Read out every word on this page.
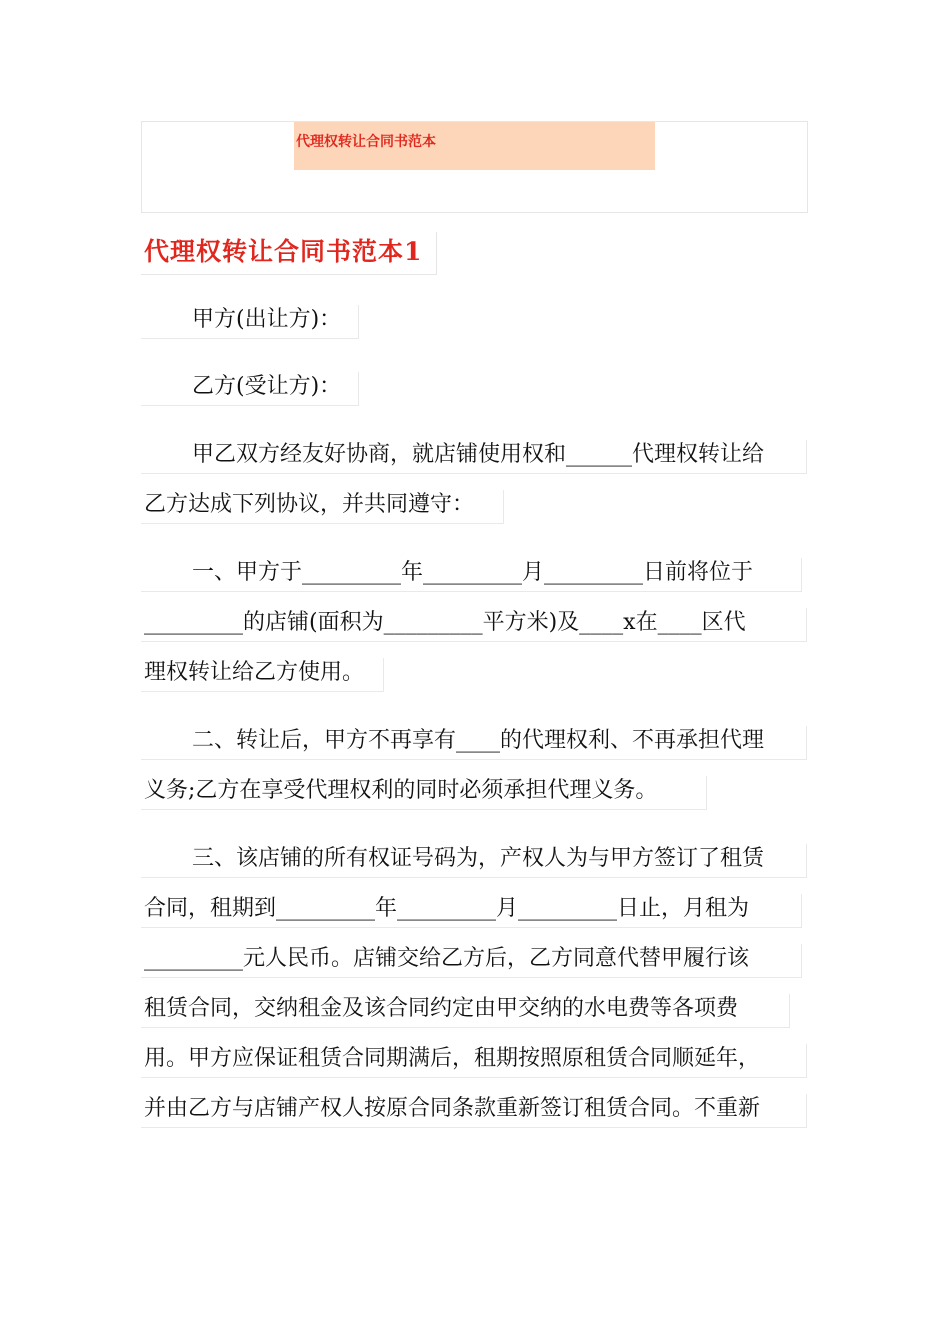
代理权转让合同书范本
代理权转让合同书范本1
甲方(出让方)：
乙方(受让方)：
甲乙双方经友好协商，就店铺使用权和______代理权转让给
乙方达成下列协议，并共同遵守：
一、甲方于_________年_________月_________日前将位于
_________的店铺(面积为_________平方米)及____x在____区代
理权转让给乙方使用。
二、转让后，甲方不再享有____的代理权利、不再承担代理
义务;乙方在享受代理权利的同时必须承担代理义务。
三、该店铺的所有权证号码为，产权人为与甲方签订了租赁
合同，租期到_________年_________月_________日止，月租为
_________元人民币。店铺交给乙方后，乙方同意代替甲履行该
租赁合同，交纳租金及该合同约定由甲交纳的水电费等各项费
用。甲方应保证租赁合同期满后，租期按照原租赁合同顺延年，
并由乙方与店铺产权人按原合同条款重新签订租赁合同。不重新
